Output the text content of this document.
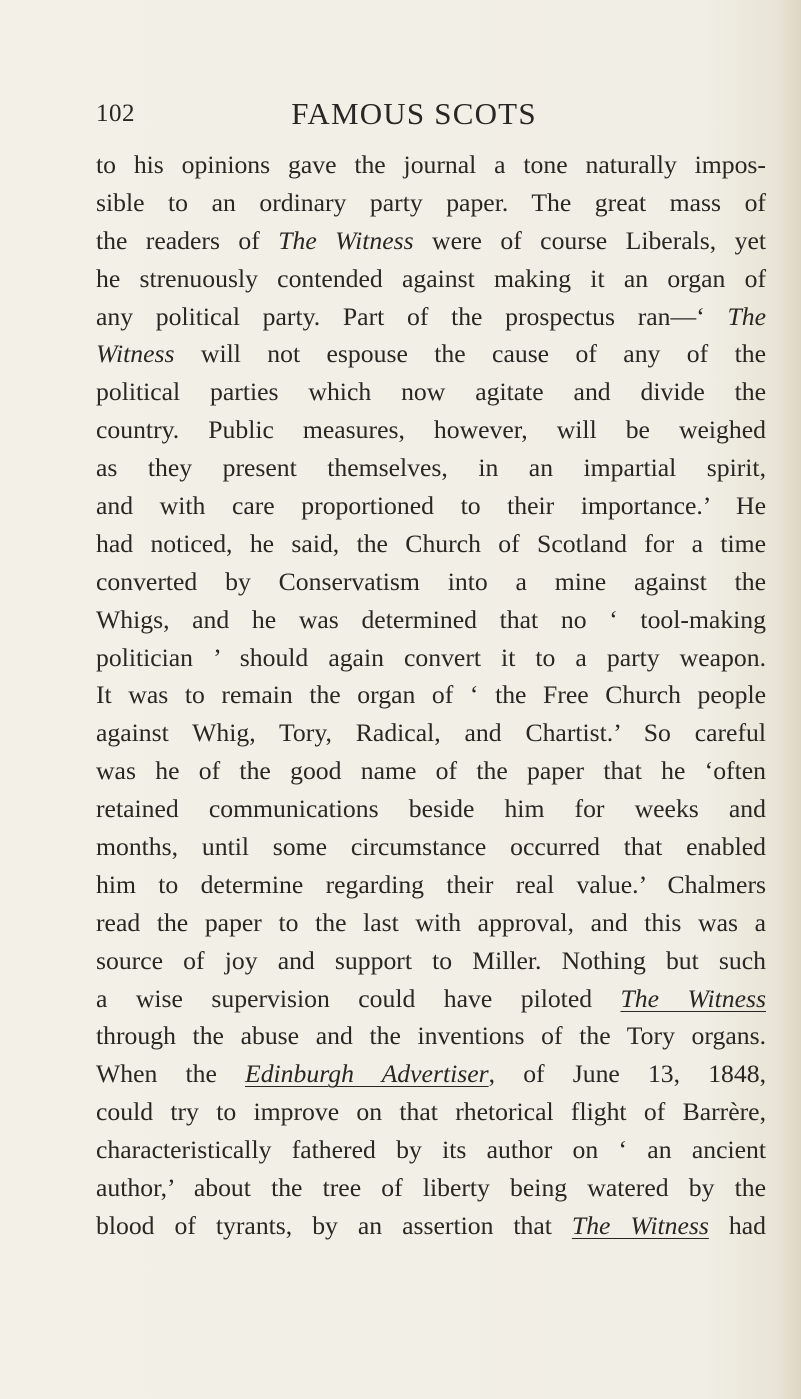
102	FAMOUS SCOTS
to his opinions gave the journal a tone naturally impos-
sible to an ordinary party paper. The great mass of
the readers of The Witness were of course Liberals, yet
he strenuously contended against making it an organ of
any political party. Part of the prospectus ran—‘ The
Witness will not espouse the cause of any of the
political parties which now agitate and divide the
country. Public measures, however, will be weighed
as they present themselves, in an impartial spirit,
and with care proportioned to their importance.’ He
had noticed, he said, the Church of Scotland for a time
converted by Conservatism into a mine against the
Whigs, and he was determined that no ‘ tool-making
politician ’ should again convert it to a party weapon.
It was to remain the organ of ‘ the Free Church people
against Whig, Tory, Radical, and Chartist.’ So careful
was he of the good name of the paper that he ‘often
retained communications beside him for weeks and
months, until some circumstance occurred that enabled
him to determine regarding their real value.’ Chalmers
read the paper to the last with approval, and this was a
source of joy and support to Miller. Nothing but such
a wise supervision could have piloted The Witness
through the abuse and the inventions of the Tory organs.
When the Edinburgh Advertiser, of June 13, 1848,
could try to improve on that rhetorical flight of Barrère,
characteristically fathered by its author on ‘ an ancient
author,’ about the tree of liberty being watered by the
blood of tyrants, by an assertion that The Witness had
